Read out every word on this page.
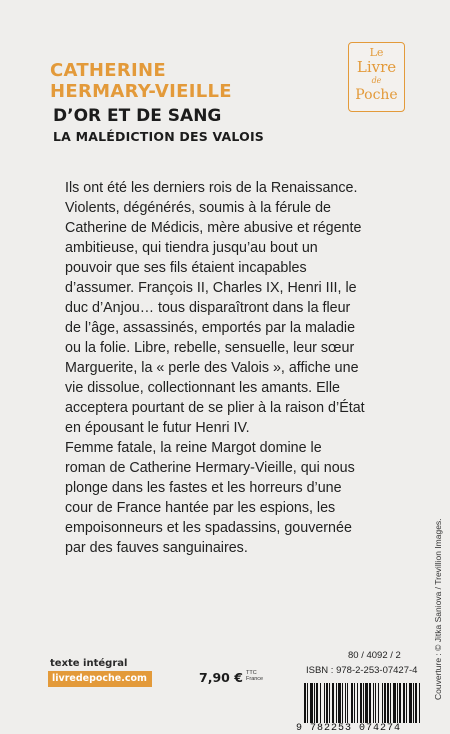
CATHERINE
HERMARY-VIEILLE
D’OR ET DE SANG
LA MALÉDICTION DES VALOIS
Le
Livre
de
Poche

Ils ont été les derniers rois de la Renaissance. Violents, dégénérés, soumis à la férule de Catherine de Médicis, mère abusive et régente ambitieuse, qui tiendra jusqu’au bout un pouvoir que ses fils étaient incapables d’assumer. François II, Charles IX, Henri III, le duc d’Anjou… tous disparaîtront dans la fleur de l’âge, assassinés, emportés par la maladie ou la folie. Libre, rebelle, sensuelle, leur sœur Marguerite, la « perle des Valois », affiche une vie dissolue, collectionnant les amants. Elle acceptera pourtant de se plier à la raison d’État en épousant le futur Henri IV.

Femme fatale, la reine Margot domine le roman de Catherine Hermary-Vieille, qui nous plonge dans les fastes et les horreurs d’une cour de France hantée par les espions, les empoisonneurs et les spadassins, gouvernée par des fauves sanguinaires.	Couverture : © Jitka Saniova / Trevillion Images.
80 / 4092 / 2
ISBN : 978-2-253-07427-4
texte intégral
livredepoche.com	7,90 € TTC
France
9 782253 074274
